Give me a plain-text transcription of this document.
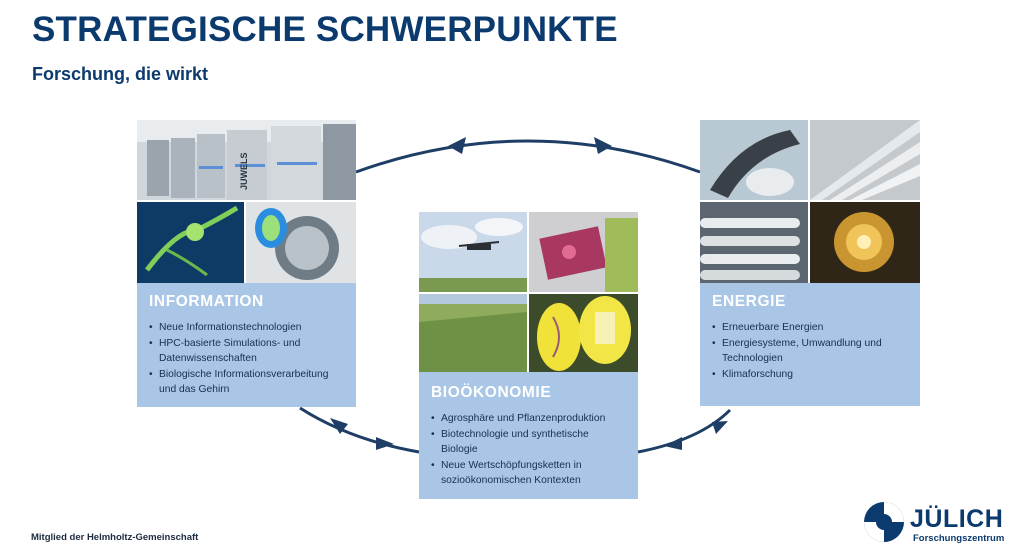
STRATEGISCHE SCHWERPUNKTE
Forschung, die wirkt
JUWELS
INFORMATION
• Neue Informationstechnologien
• HPC-basierte Simulations- und Datenwissenschaften
• Biologische Informationsverarbeitung und das Gehirn	BIOÖKONOMIE
• Agrosphäre und Pflanzenproduktion
• Biotechnologie und synthetische Biologie
• Neue Wertschöpfungsketten in sozioökonomischen Kontexten
ENERGIE
• Erneuerbare Energien
• Energiesysteme, Umwandlung und Technologien
• Klimaforschung
Mitglied der Helmholtz-Gemeinschaft
JÜLICH
Forschungszentrum
